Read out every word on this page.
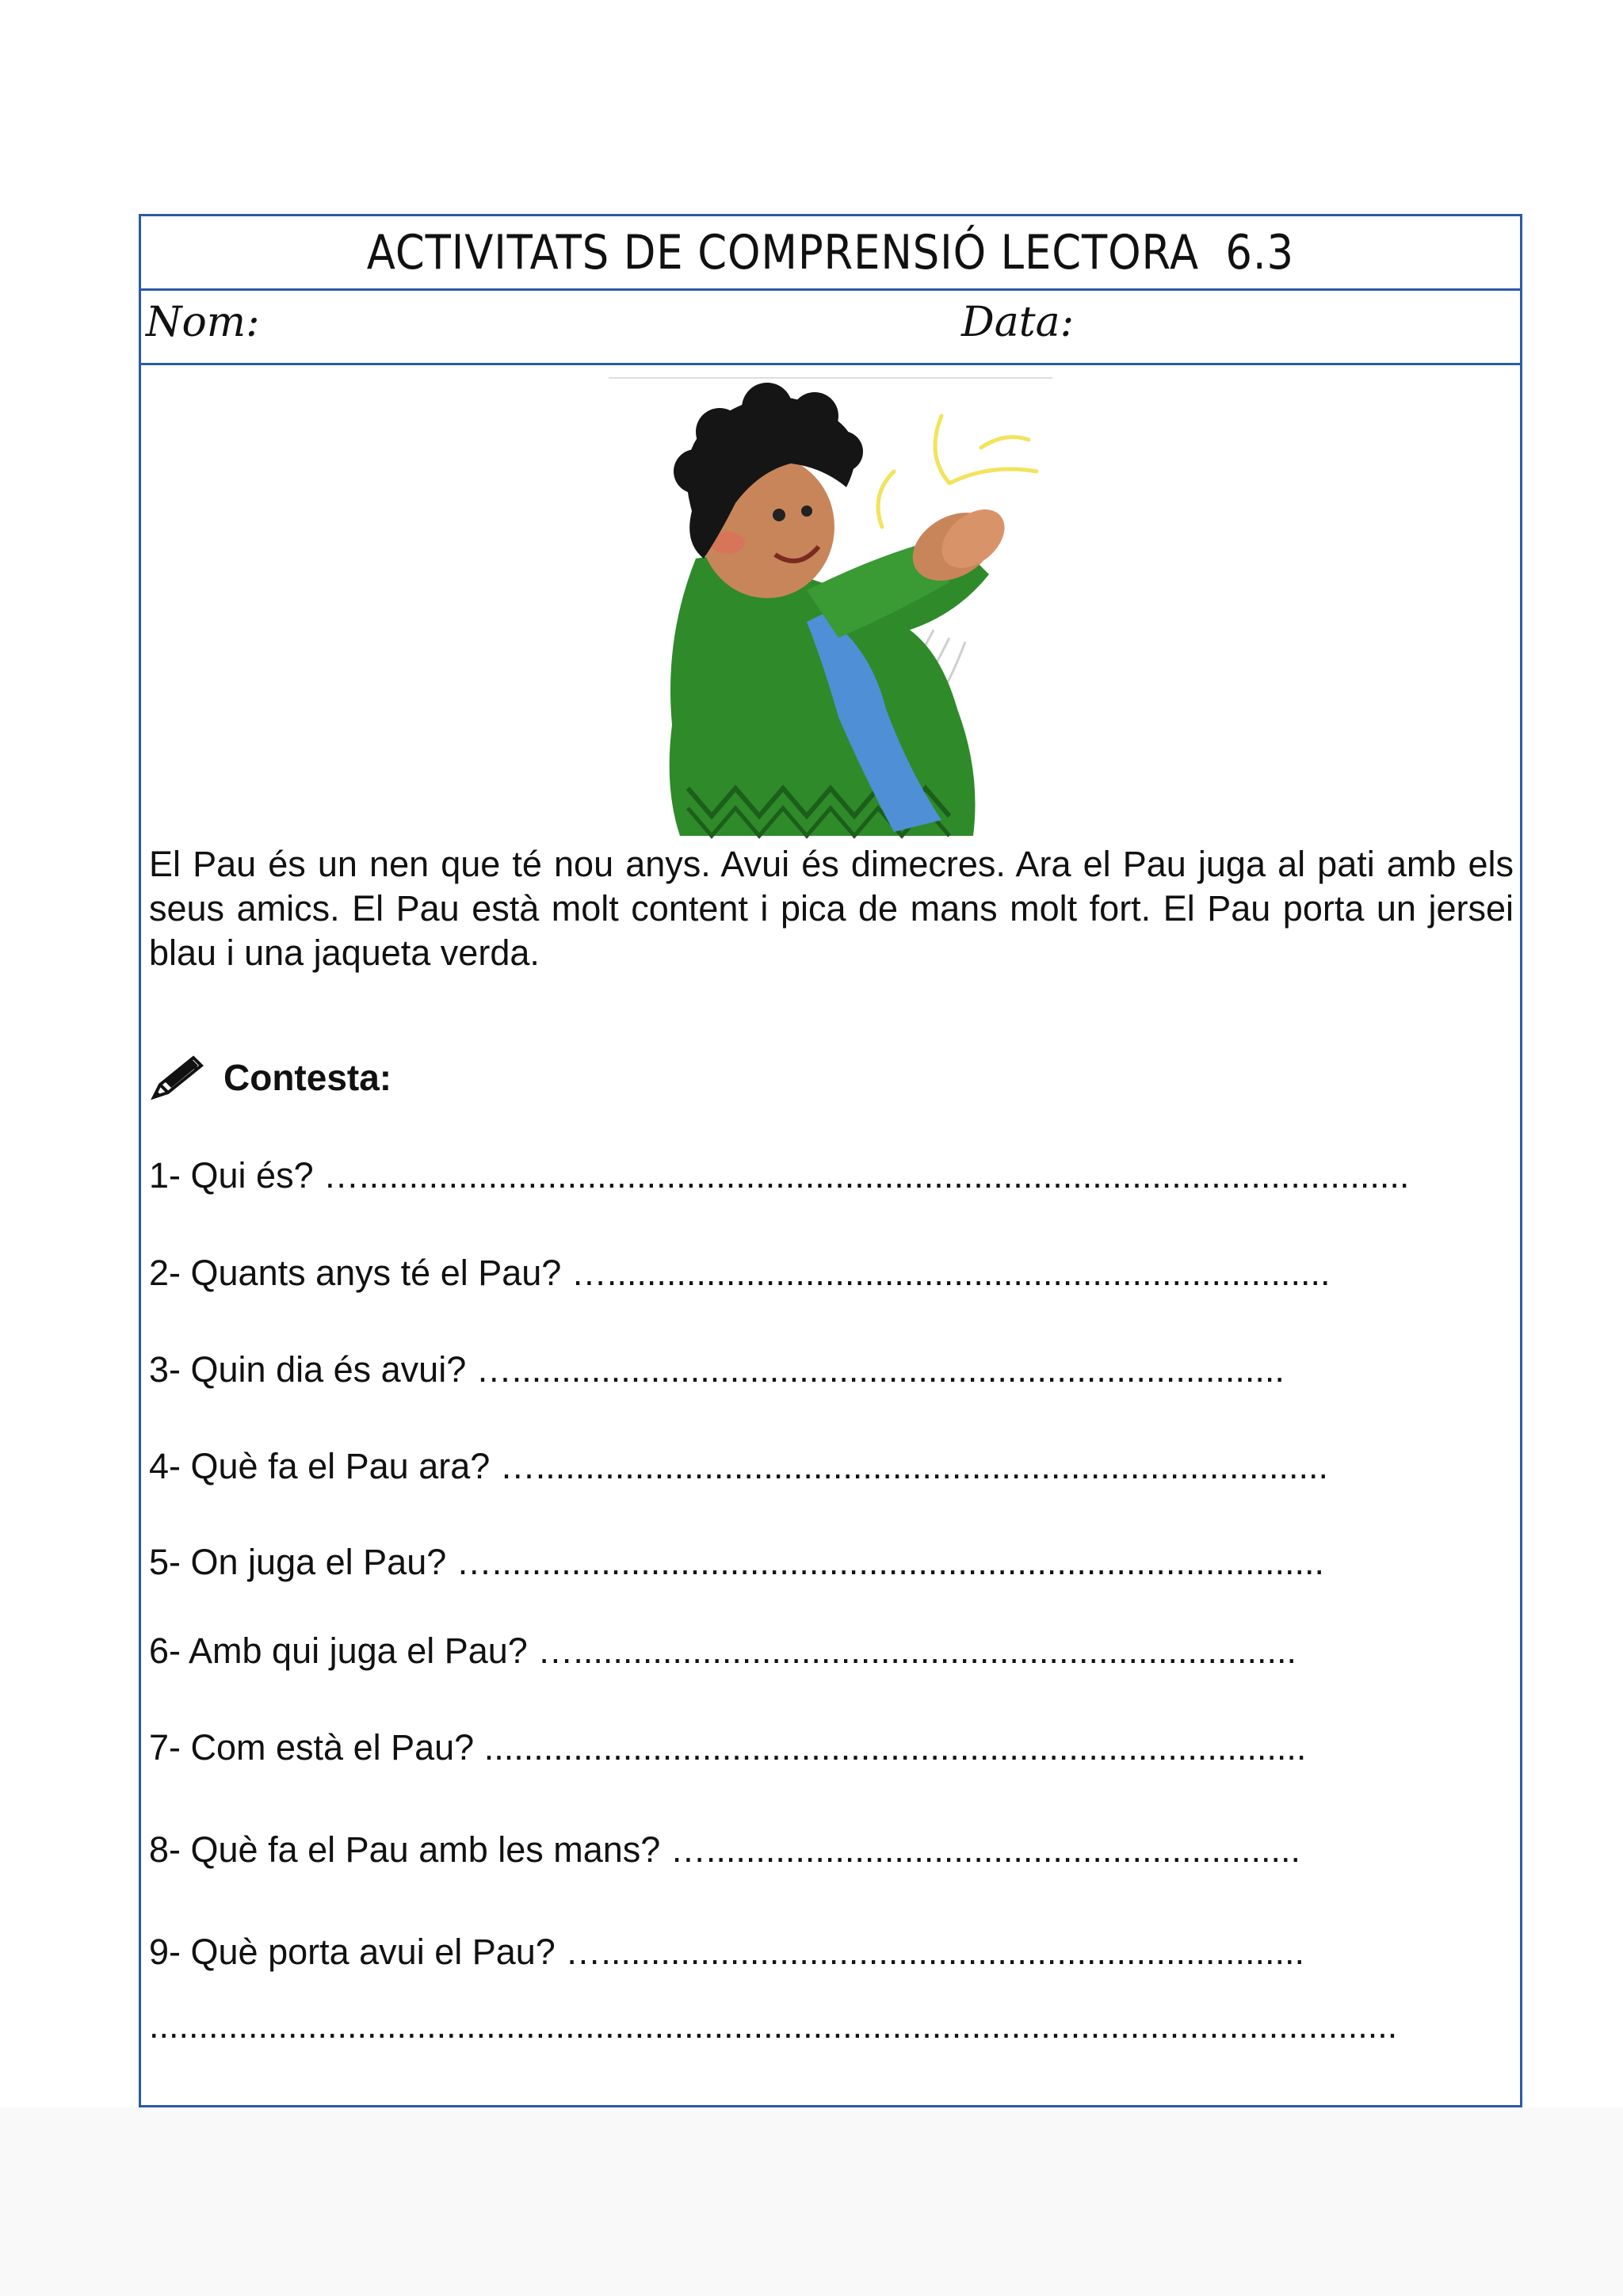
ACTIVITATS DE COMPRENSIÓ LECTORA 6.3
Nom:	Data:

El Pau és un nen que té nou anys. Avui és dimecres. Ara el Pau juga al pati amb els seus amics. El Pau està molt content i pica de mans molt fort. El Pau porta un jersei blau i una jaqueta verda.

Contesta:

1- Qui és? …..........................................................................................................

2- Quants anys té el Pau? ….........................................................................

3- Quin dia és avui? …..............................................................................

4- Què fa el Pau ara? …................................................................................

5- On juga el Pau? …....................................................................................

6- Amb qui juga el Pau? ….........................................................................

7- Com està el Pau? ...................................................................................

8- Què fa el Pau amb les mans? …............................................................

9- Què porta avui el Pau? ….......................................................................

..............................................................................................................................
